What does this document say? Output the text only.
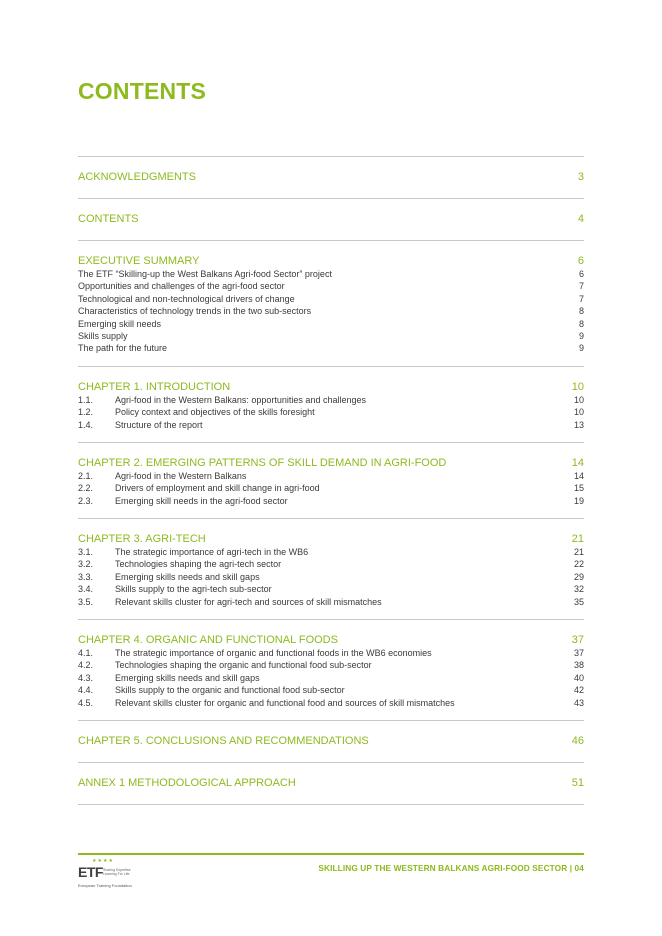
CONTENTS
ACKNOWLEDGMENTS	3
CONTENTS	4
EXECUTIVE SUMMARY	6
The ETF “Skilling-up the West Balkans Agri-food Sector” project	6
Opportunities and challenges of the agri-food sector	7
Technological and non-technological drivers of change	7
Characteristics of technology trends in the two sub-sectors	8
Emerging skill needs	8
Skills supply	9
The path for the future	9
CHAPTER 1. INTRODUCTION	10
1.1. Agri-food in the Western Balkans: opportunities and challenges	10
1.2. Policy context and objectives of the skills foresight	10
1.4. Structure of the report	13
CHAPTER 2. EMERGING PATTERNS OF SKILL DEMAND IN AGRI-FOOD	14
2.1. Agri-food in the Western Balkans	14
2.2. Drivers of employment and skill change in agri-food	15
2.3. Emerging skill needs in the agri-food sector	19
CHAPTER 3. AGRI-TECH	21
3.1. The strategic importance of agri-tech in the WB6	21
3.2. Technologies shaping the agri-tech sector	22
3.3. Emerging skills needs and skill gaps	29
3.4. Skills supply to the agri-tech sub-sector	32
3.5. Relevant skills cluster for agri-tech and sources of skill mismatches	35
CHAPTER 4. ORGANIC AND FUNCTIONAL FOODS	37
4.1. The strategic importance of organic and functional foods in the WB6 economies	37
4.2. Technologies shaping the organic and functional food sub-sector	38
4.3. Emerging skills needs and skill gaps	40
4.4. Skills supply to the organic and functional food sub-sector	42
4.5. Relevant skills cluster for organic and functional food and sources of skill mismatches	43
CHAPTER 5. CONCLUSIONS AND RECOMMENDATIONS	46
ANNEX 1 METHODOLOGICAL APPROACH	51
★★★★
ETF Sharing Expertise Learning For Life
European Training Foundation
SKILLING UP THE WESTERN BALKANS AGRI-FOOD SECTOR | 04
